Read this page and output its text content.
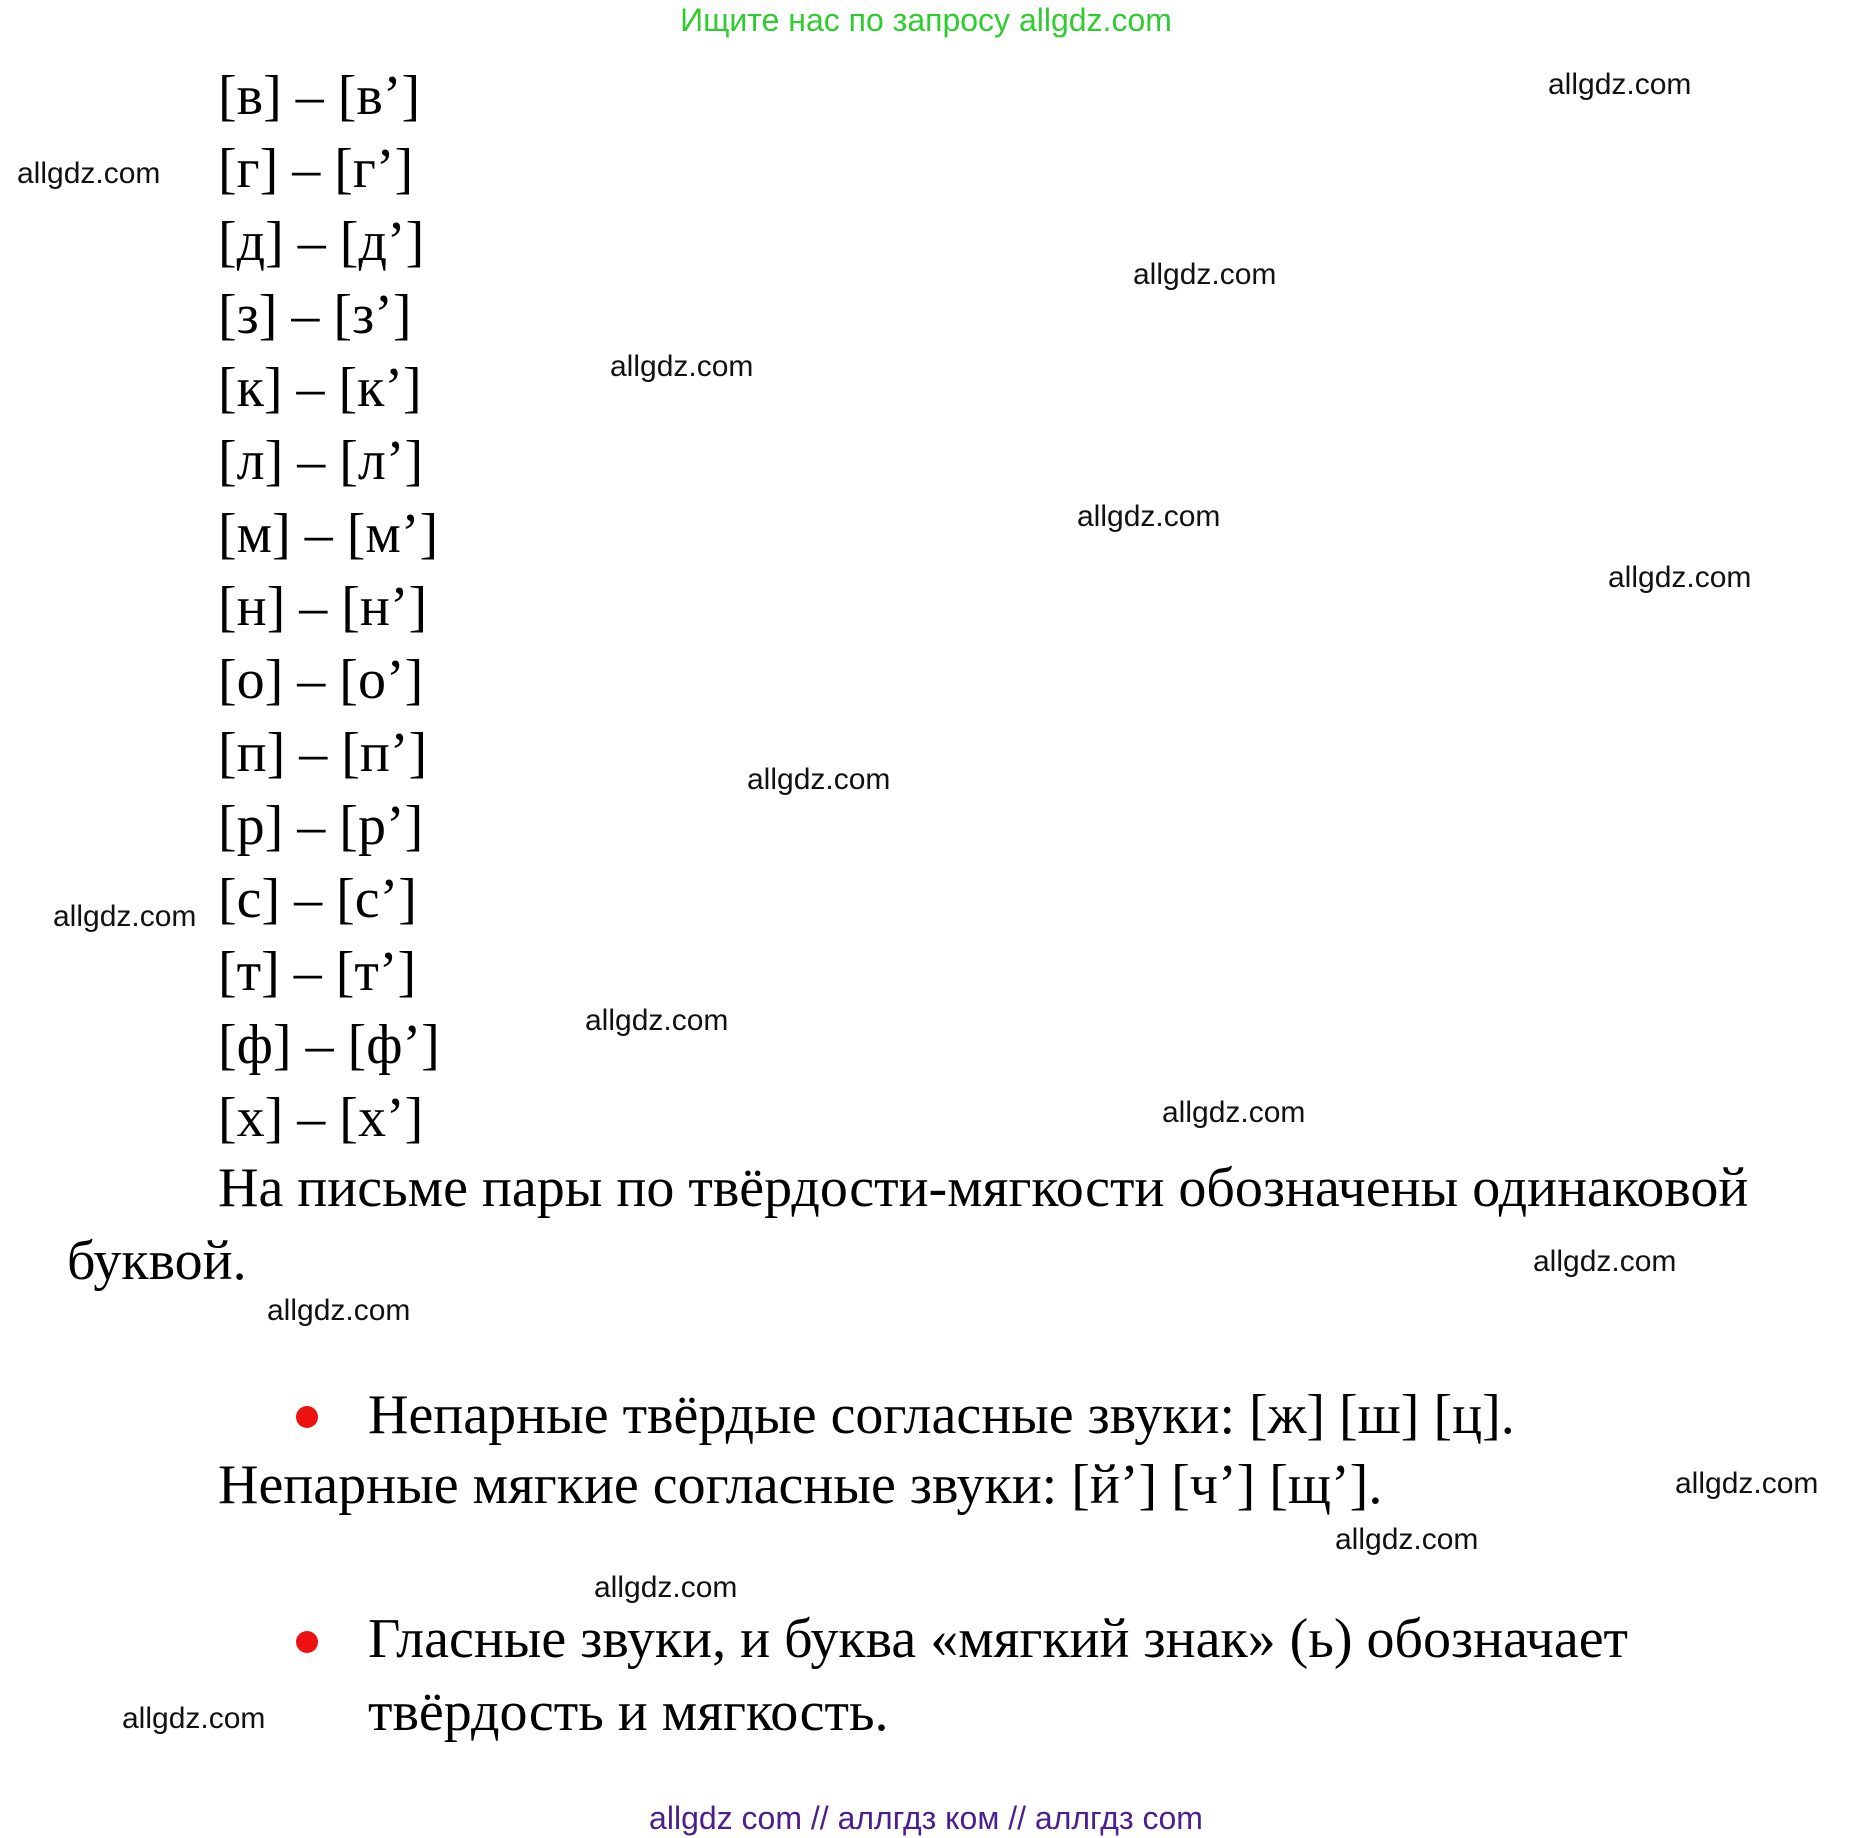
Ищите нас по запросу allgdz.com
[в] – [в’]
[г] – [г’]
[д] – [д’]
[з] – [з’]
[к] – [к’]
[л] – [л’]
[м] – [м’]
[н] – [н’]
[о] – [о’]
[п] – [п’]
[р] – [р’]
[с] – [с’]
[т] – [т’]
[ф] – [ф’]
[х] – [х’]

На письме пары по твёрдости-мягкости обозначены одинаковой буквой.

Непарные твёрдые согласные звуки: [ж] [ш] [ц].
Непарные мягкие согласные звуки: [й’] [ч’] [щ’].
Гласные звуки, и буква «мягкий знак» (ь) обозначает
твёрдость и мягкость.
allgdz.com
allgdz.com
allgdz.com
allgdz.com
allgdz.com
allgdz.com
allgdz.com
allgdz.com
allgdz.com
allgdz.com
allgdz.com
allgdz.com
allgdz.com
allgdz.com
allgdz.com
allgdz.com
allgdz com // аллгдз ком // аллгдз com
